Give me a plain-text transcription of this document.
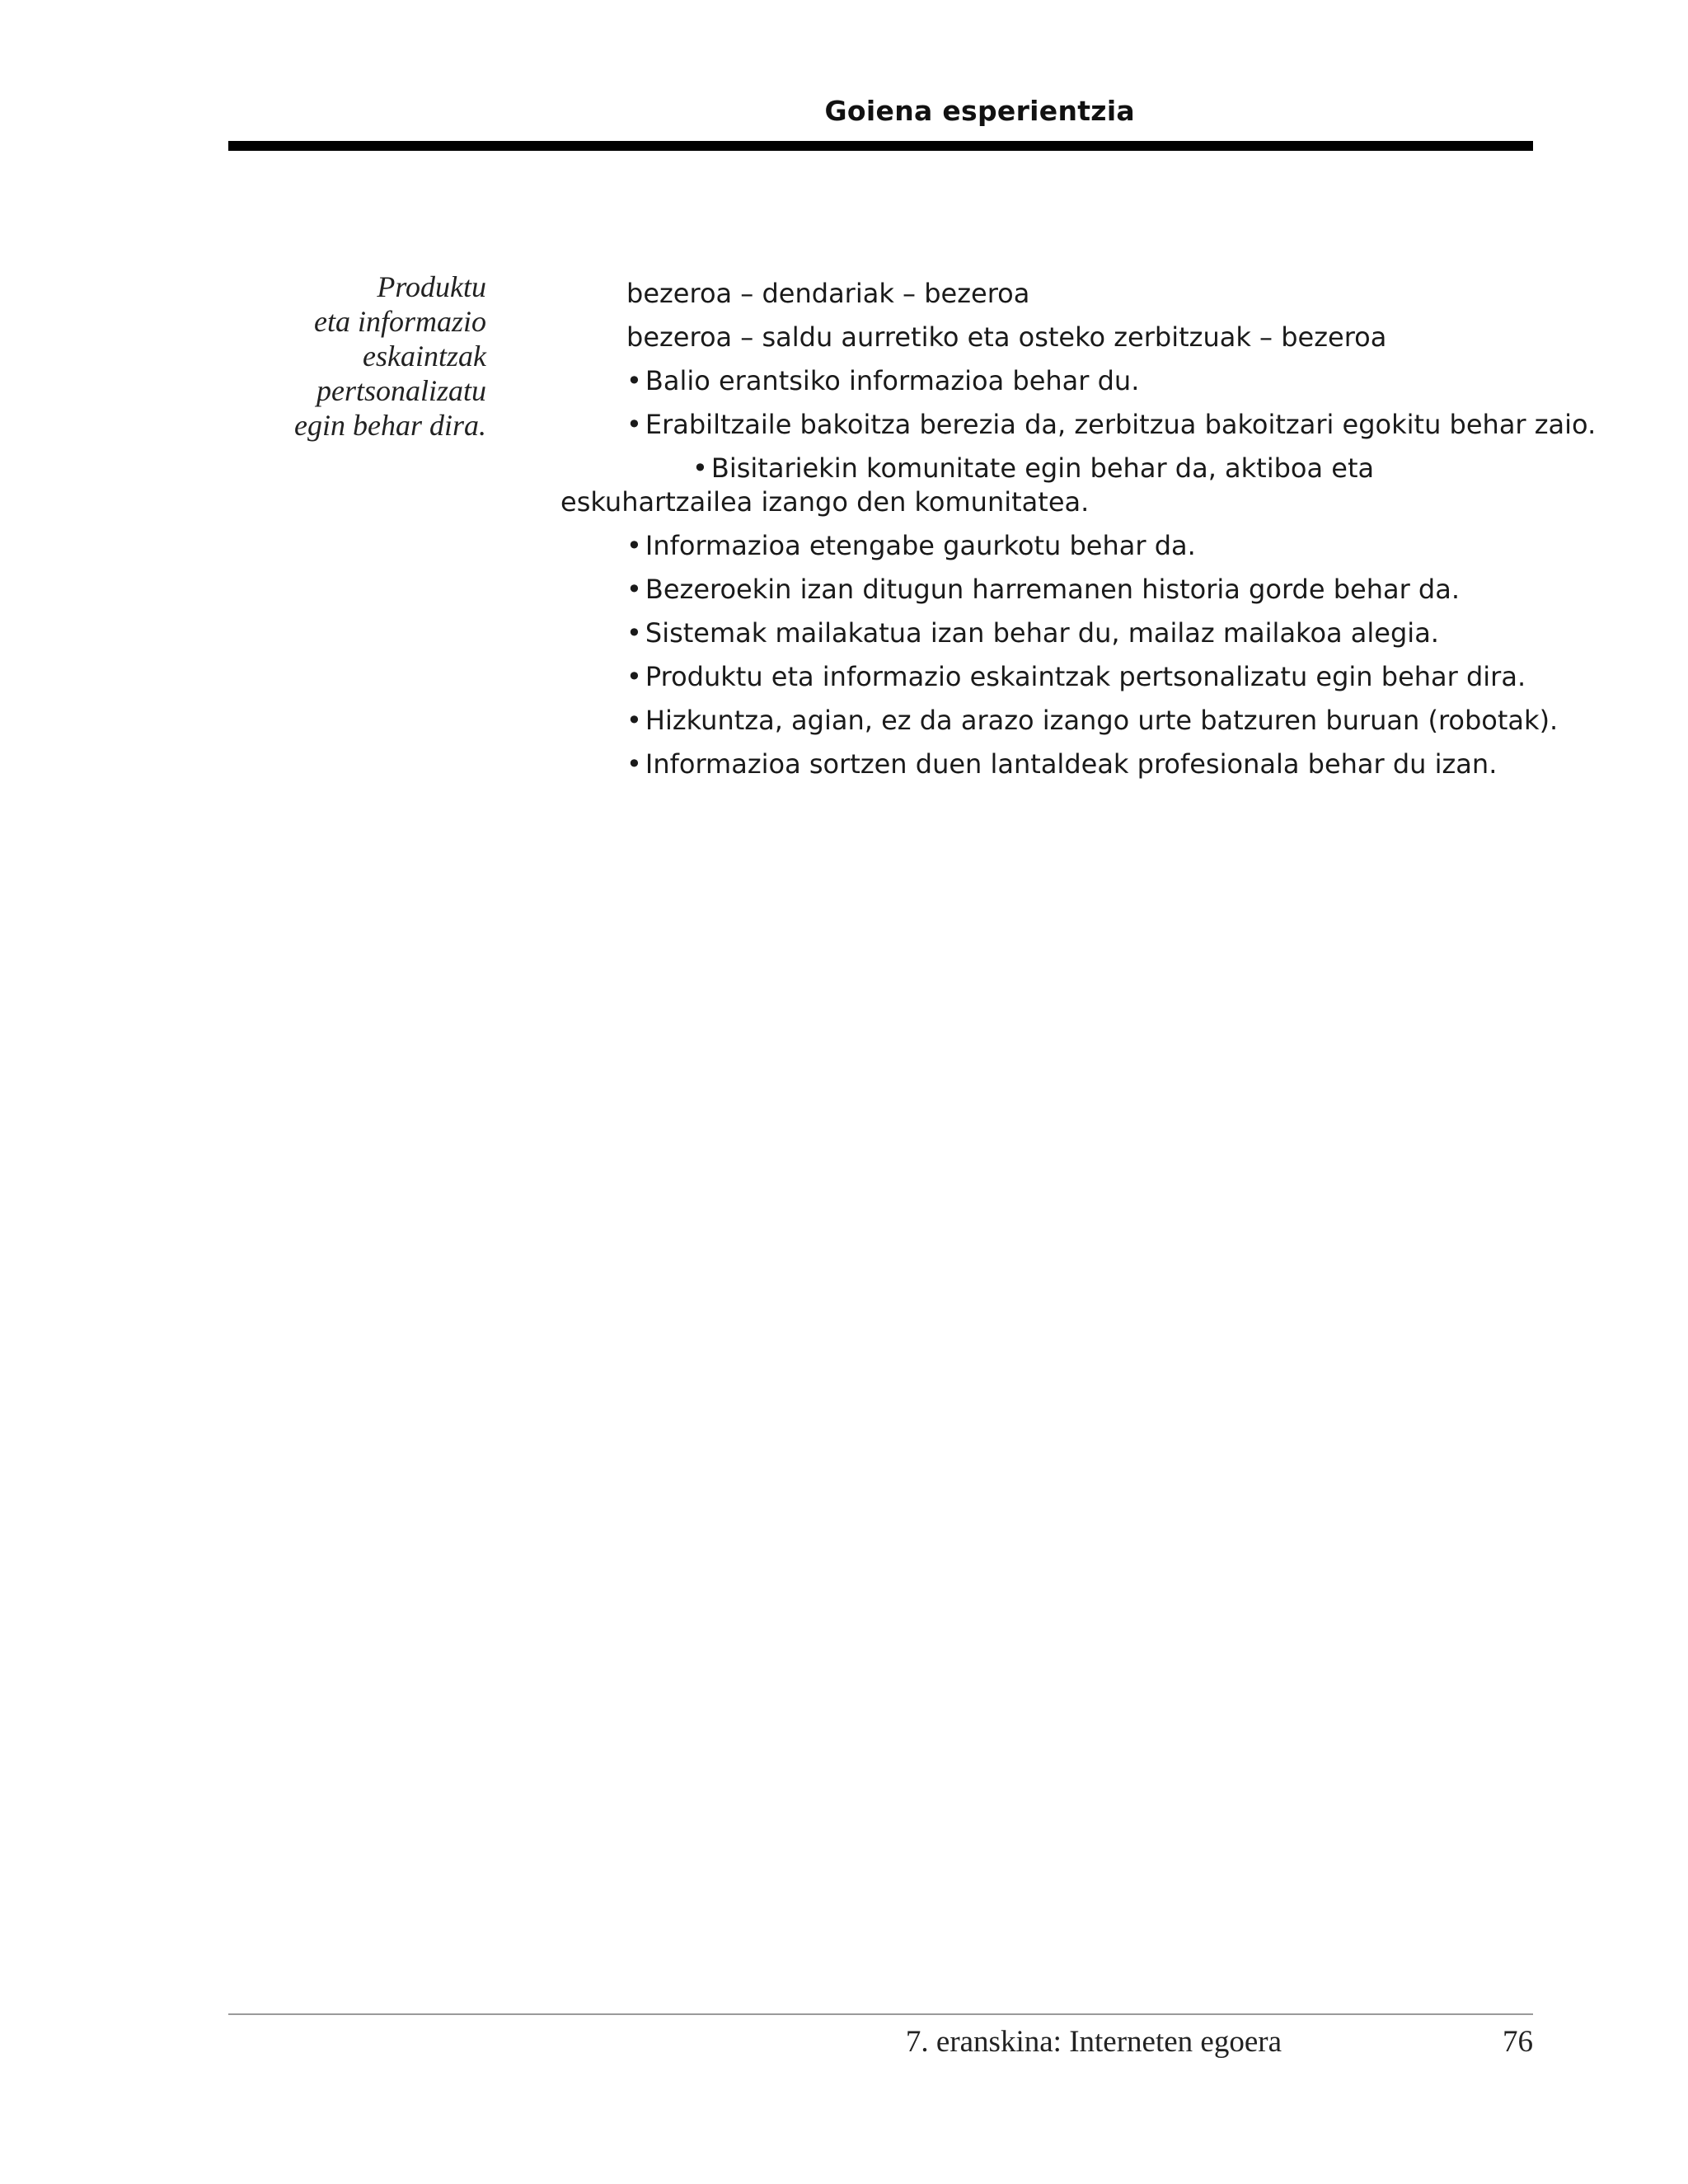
Goiena esperientzia
Produktu
eta informazio
eskaintzak
pertsonalizatu
egin behar dira.

bezeroa – dendariak – bezeroa

bezeroa – saldu aurretiko eta osteko zerbitzuak – bezeroa

• Balio erantsiko informazioa behar du.

• Erabiltzaile bakoitza berezia da, zerbitzua bakoitzari egokitu behar zaio.

• Bisitariekin komunitate egin behar da, aktiboa eta eskuhartzailea izango den komunitatea.

• Informazioa etengabe gaurkotu behar da.

• Bezeroekin izan ditugun harremanen historia gorde behar da.

• Sistemak mailakatua izan behar du, mailaz mailakoa alegia.

• Produktu eta informazio eskaintzak pertsonalizatu egin behar dira.

• Hizkuntza, agian, ez da arazo izango urte batzuren buruan (robotak).

• Informazioa sortzen duen lantaldeak profesionala behar du izan.

7. eranskina: Interneten egoera	76
